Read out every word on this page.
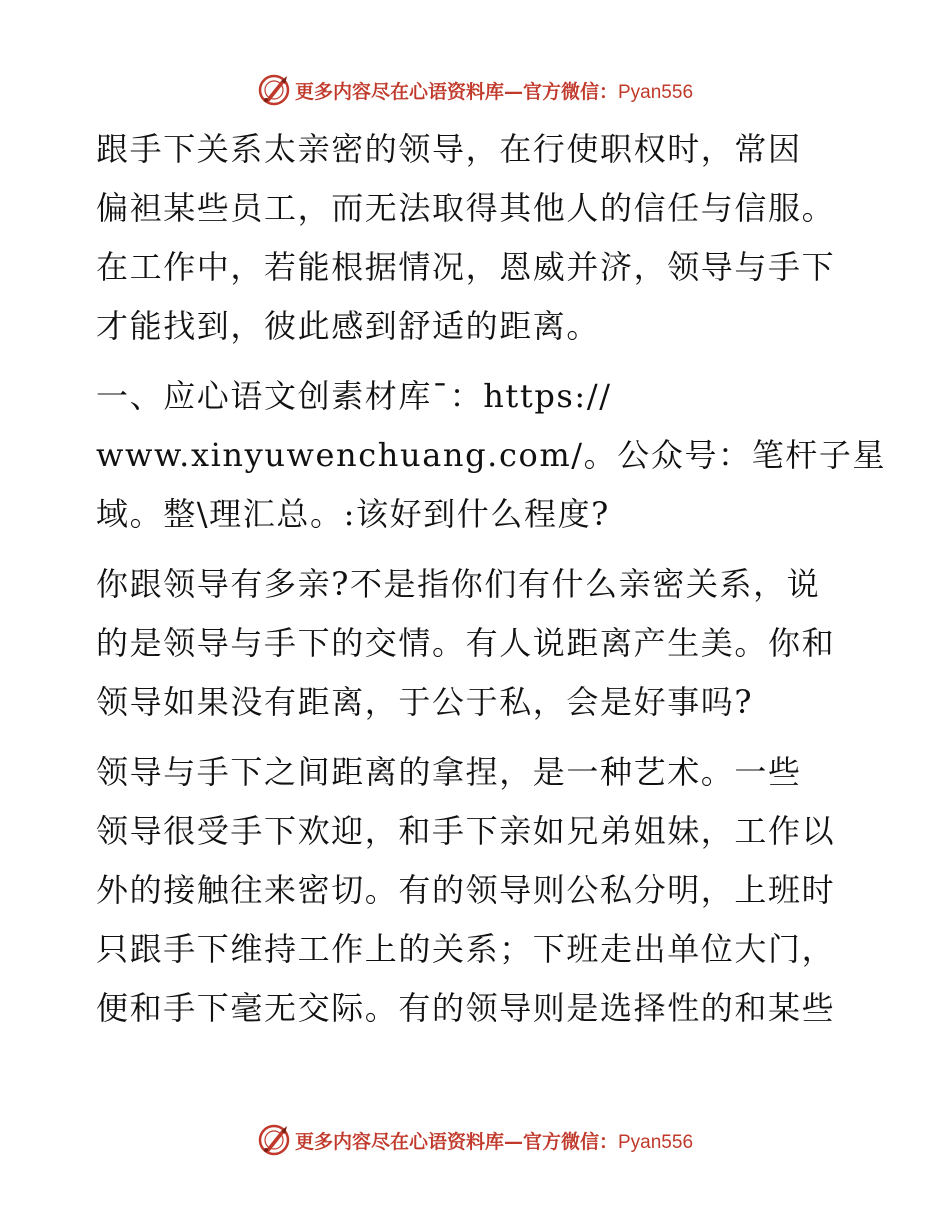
更多内容尽在心语资料库—官方微信：Pyan556
跟手下关系太亲密的领导，在行使职权时，常因
偏袒某些员工，而无法取得其他人的信任与信服。
在工作中，若能根据情况，恩威并济，领导与手下
才能找到，彼此感到舒适的距离。
一、应心语文创素材库¯：https://
www.xinyuwenchuang.com/。公众号：笔杆子星
域。整\理汇总。:该好到什么程度?
你跟领导有多亲?不是指你们有什么亲密关系，说
的是领导与手下的交情。有人说距离产生美。你和
领导如果没有距离，于公于私，会是好事吗?
领导与手下之间距离的拿捏，是一种艺术。一些
领导很受手下欢迎，和手下亲如兄弟姐妹，工作以
外的接触往来密切。有的领导则公私分明，上班时
只跟手下维持工作上的关系；下班走出单位大门，
便和手下毫无交际。有的领导则是选择性的和某些
更多内容尽在心语资料库—官方微信：Pyan556
